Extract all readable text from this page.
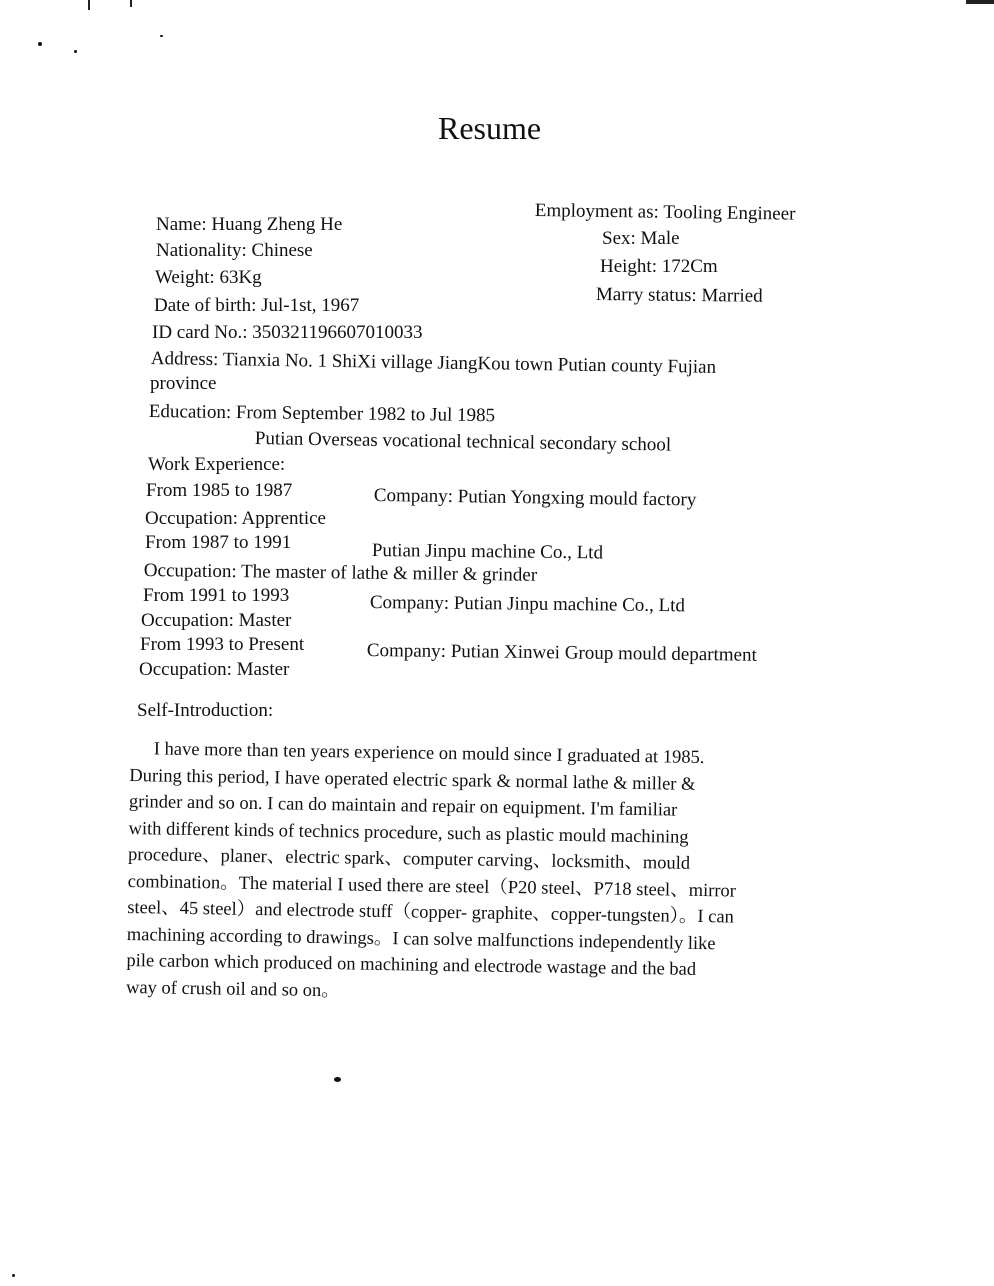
Resume
Employment as: Tooling Engineer
Name: Huang Zheng He
Nationality: Chinese
Weight: 63Kg
Date of birth: Jul-1st, 1967
Sex: Male
Height: 172Cm
Marry status: Married
ID card No.: 350321196607010033
Address: Tianxia No. 1 ShiXi village JiangKou town Putian county Fujian
province
Education: From September 1982 to Jul 1985
Putian Overseas vocational technical secondary school
Work Experience:
From 1985 to 1987	Company: Putian Yongxing mould factory
Occupation: Apprentice
From 1987 to 1991	Putian Jinpu machine Co., Ltd
Occupation: The master of lathe & miller & grinder
From 1991 to 1993	Company: Putian Jinpu machine Co., Ltd
Occupation: Master
From 1993 to Present	Company: Putian Xinwei Group mould department
Occupation: Master
Self-Introduction:
I have more than ten years experience on mould since I graduated at 1985.
During this period, I have operated electric spark & normal lathe & miller &
grinder and so on. I can do maintain and repair on equipment. I'm familiar
with different kinds of technics procedure, such as plastic mould machining
procedure、planer、electric spark、computer carving、locksmith、mould
combination。The material I used there are steel（P20 steel、P718 steel、mirror
steel、45 steel）and electrode stuff（copper- graphite、copper-tungsten）。I can
machining according to drawings。I can solve malfunctions independently like
pile carbon which produced on machining and electrode wastage and the bad
way of crush oil and so on。
